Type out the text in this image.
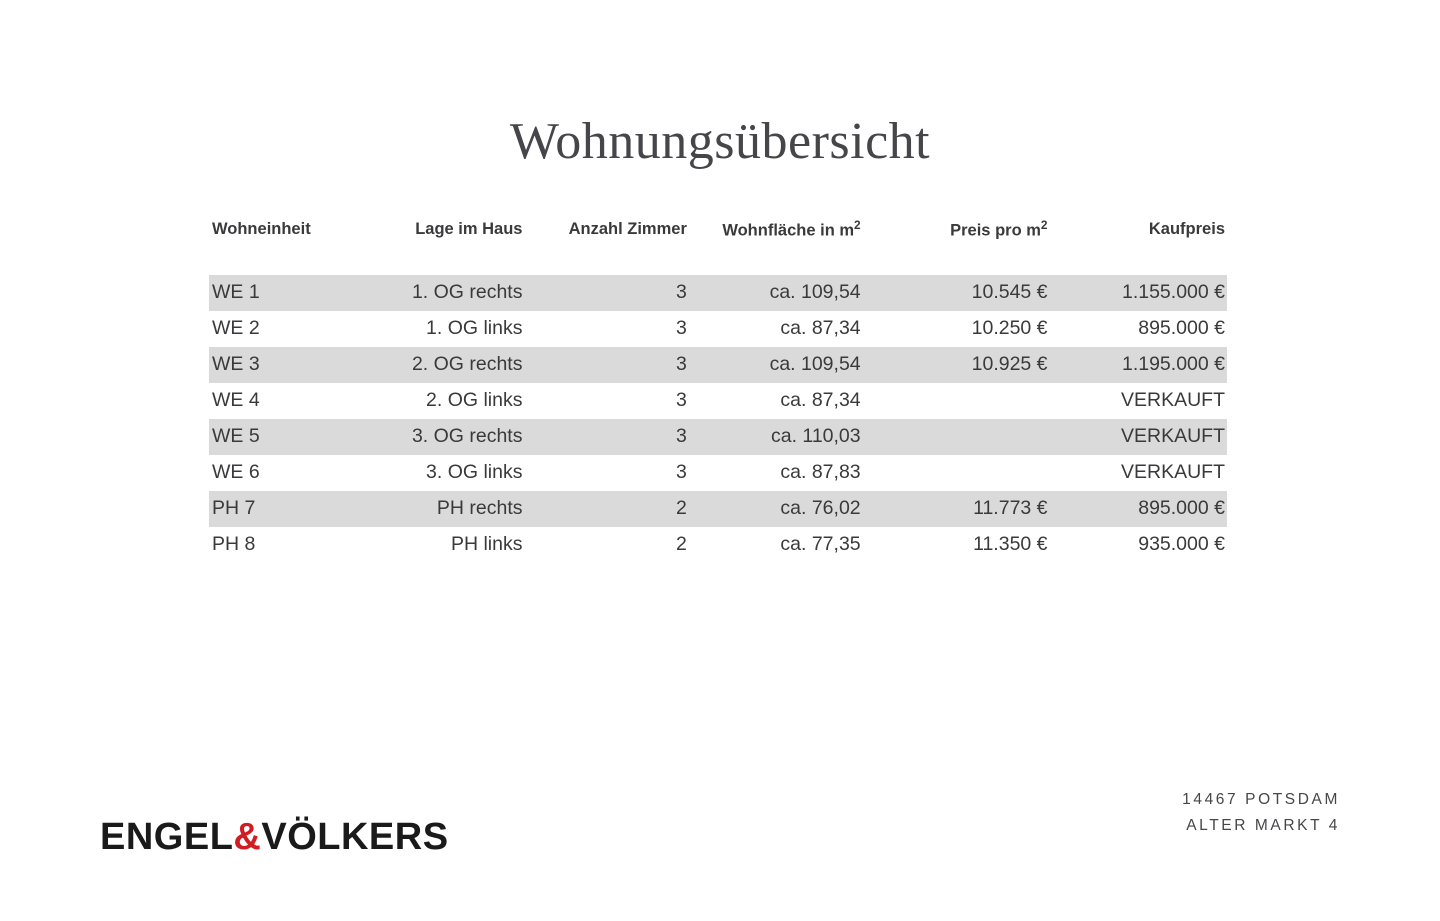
Wohnungsübersicht
Wohneinheit	Lage im Haus	Anzahl Zimmer	Wohnfläche in $m^2$	Preis pro $m^2$	Kaufpreis
WE 1	1. OG rechts	3	ca. 109,54	10.545 €	1.155.000 €
WE 2	1. OG links	3	ca. 87,34	10.250 €	895.000 €
WE 3	2. OG rechts	3	ca. 109,54	10.925 €	1.195.000 €
WE 4	2. OG links	3	ca. 87,34		VERKAUFT
WE 5	3. OG rechts	3	ca. 110,03		VERKAUFT
WE 6	3. OG links	3	ca. 87,83		VERKAUFT
PH 7	PH rechts	2	ca. 76,02	11.773 €	895.000 €
PH 8	PH links	2	ca. 77,35	11.350 €	935.000 €
14467 POTSDAM
ALTER MARKT 4
ENGEL&VÖLKERS
